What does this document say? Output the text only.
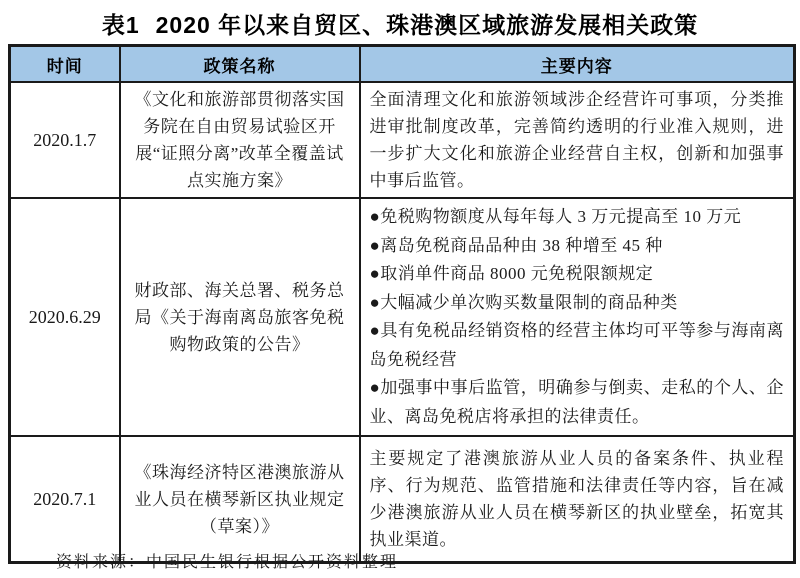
表1 2020 年以来自贸区、珠港澳区域旅游发展相关政策
时间	政策名称	主要内容
2020.1.7	《文化和旅游部贯彻落实国务院在自由贸易试验区开展“证照分离”改革全覆盖试点实施方案》	全面清理文化和旅游领域涉企经营许可事项，分类推进审批制度改革，完善简约透明的行业准入规则，进一步扩大文化和旅游企业经营自主权，创新和加强事中事后监管。

2020.6.29	财政部、海关总署、税务总局《关于海南离岛旅客免税购物政策的公告》	
●免税购物额度从每年每人 3 万元提高至 10 万元
●离岛免税商品品种由 38 种增至 45 种
●取消单件商品 8000 元免税限额规定
●大幅减少单次购买数量限制的商品种类
●具有免税品经销资格的经营主体均可平等参与海南离岛免税经营
●加强事中事后监管，明确参与倒卖、走私的个人、企业、离岛免税店将承担的法律责任。

2020.7.1	《珠海经济特区港澳旅游从业人员在横琴新区执业规定（草案）》	主要规定了港澳旅游从业人员的备案条件、执业程序、行为规范、监管措施和法律责任等内容，旨在减少港澳旅游从业人员在横琴新区的执业壁垒，拓宽其执业渠道。
资料来源：中国民生银行根据公开资料整理
